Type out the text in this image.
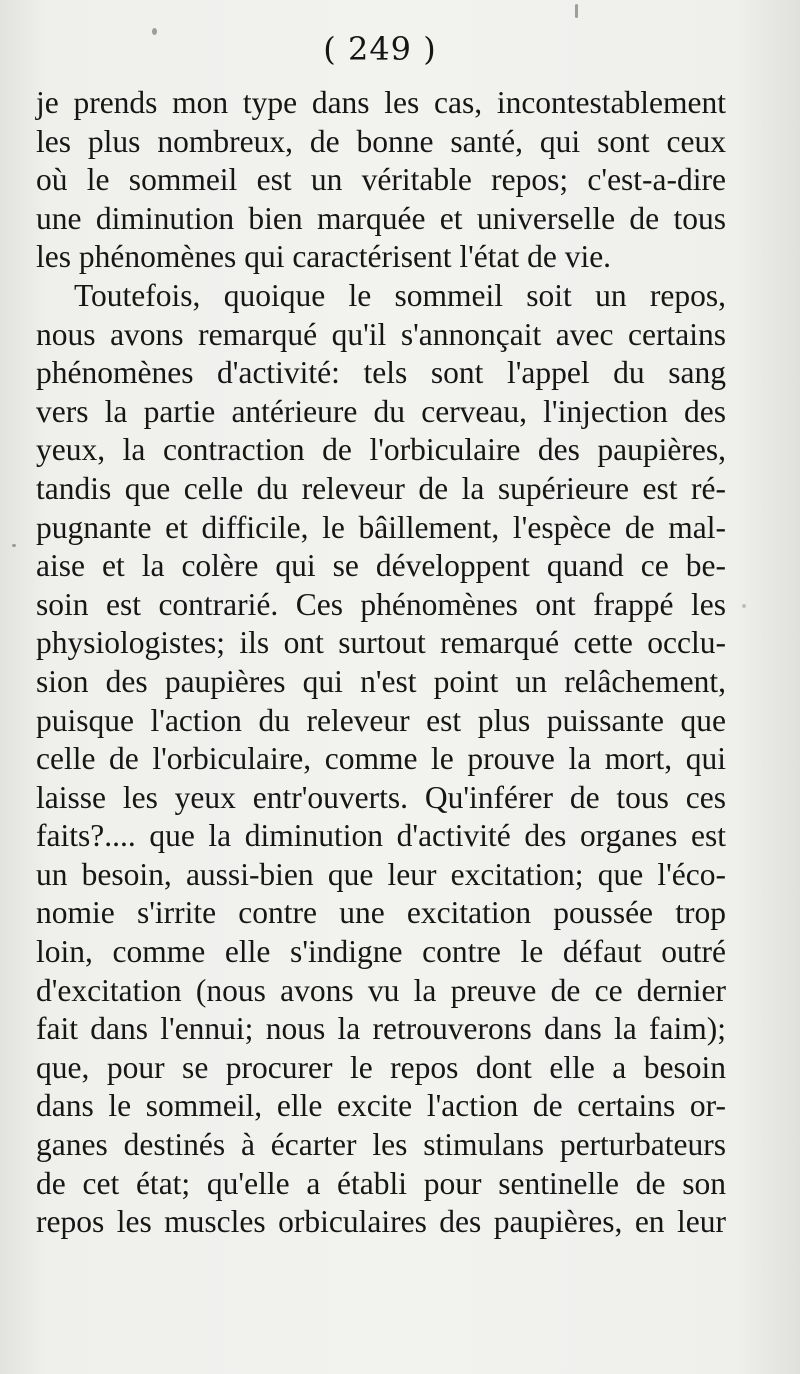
( 249 )
je prends mon type dans les cas, incontestablement
les plus nombreux, de bonne santé, qui sont ceux
où le sommeil est un véritable repos; c'est-a-dire
une diminution bien marquée et universelle de tous
les phénomènes qui caractérisent l'état de vie.
Toutefois, quoique le sommeil soit un repos,
nous avons remarqué qu'il s'annonçait avec certains
phénomènes d'activité: tels sont l'appel du sang
vers la partie antérieure du cerveau, l'injection des
yeux, la contraction de l'orbiculaire des paupières,
tandis que celle du releveur de la supérieure est ré-
pugnante et difficile, le bâillement, l'espèce de mal-
aise et la colère qui se développent quand ce be-
soin est contrarié. Ces phénomènes ont frappé les
physiologistes; ils ont surtout remarqué cette occlu-
sion des paupières qui n'est point un relâchement,
puisque l'action du releveur est plus puissante que
celle de l'orbiculaire, comme le prouve la mort, qui
laisse les yeux entr'ouverts. Qu'inférer de tous ces
faits?.... que la diminution d'activité des organes est
un besoin, aussi-bien que leur excitation; que l'éco-
nomie s'irrite contre une excitation poussée trop
loin, comme elle s'indigne contre le défaut outré
d'excitation (nous avons vu la preuve de ce dernier
fait dans l'ennui; nous la retrouverons dans la faim);
que, pour se procurer le repos dont elle a besoin
dans le sommeil, elle excite l'action de certains or-
ganes destinés à écarter les stimulans perturbateurs
de cet état; qu'elle a établi pour sentinelle de son
repos les muscles orbiculaires des paupières, en leur
